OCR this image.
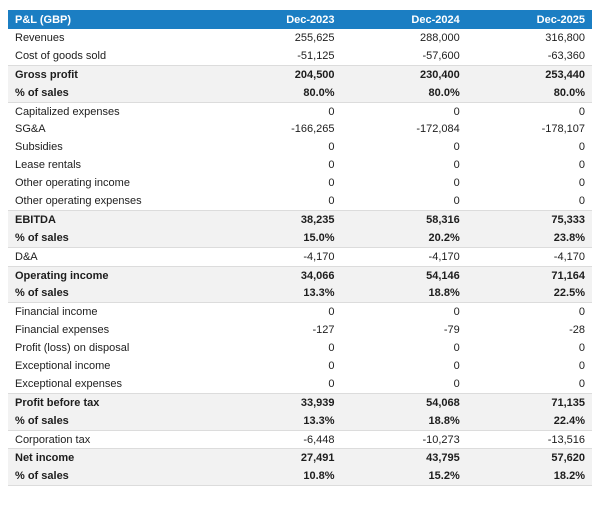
P&L (GBP)	Dec-2023	Dec-2024	Dec-2025
Revenues	255,625	288,000	316,800
Cost of goods sold	-51,125	-57,600	-63,360
Gross profit	204,500	230,400	253,440
% of sales	80.0%	80.0%	80.0%
Capitalized expenses	0	0	0
SG&A	-166,265	-172,084	-178,107
Subsidies	0	0	0
Lease rentals	0	0	0
Other operating income	0	0	0
Other operating expenses	0	0	0
EBITDA	38,235	58,316	75,333
% of sales	15.0%	20.2%	23.8%
D&A	-4,170	-4,170	-4,170
Operating income	34,066	54,146	71,164
% of sales	13.3%	18.8%	22.5%
Financial income	0	0	0
Financial expenses	-127	-79	-28
Profit (loss) on disposal	0	0	0
Exceptional income	0	0	0
Exceptional expenses	0	0	0
Profit before tax	33,939	54,068	71,135
% of sales	13.3%	18.8%	22.4%
Corporation tax	-6,448	-10,273	-13,516
Net income	27,491	43,795	57,620
% of sales	10.8%	15.2%	18.2%
